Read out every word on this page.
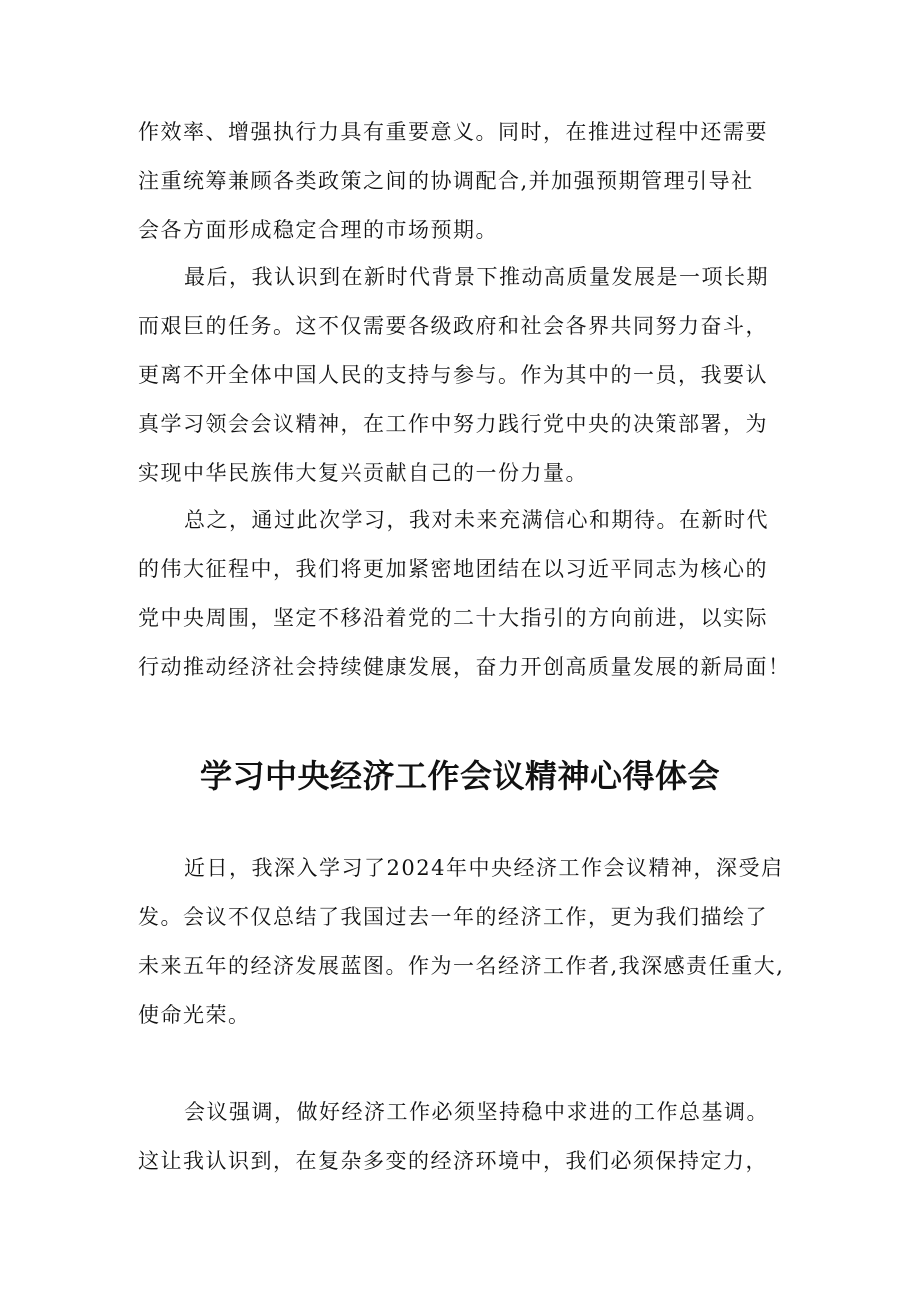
作效率、增强执行力具有重要意义。同时，在推进过程中还需要
注重统筹兼顾各类政策之间的协调配合,并加强预期管理引导社
会各方面形成稳定合理的市场预期。
最后，我认识到在新时代背景下推动高质量发展是一项长期
而艰巨的任务。这不仅需要各级政府和社会各界共同努力奋斗，
更离不开全体中国人民的支持与参与。作为其中的一员，我要认
真学习领会会议精神，在工作中努力践行党中央的决策部署，为
实现中华民族伟大复兴贡献自己的一份力量。
总之，通过此次学习，我对未来充满信心和期待。在新时代
的伟大征程中，我们将更加紧密地团结在以习近平同志为核心的
党中央周围，坚定不移沿着党的二十大指引的方向前进，以实际
行动推动经济社会持续健康发展，奋力开创高质量发展的新局面！
学习中央经济工作会议精神心得体会
近日，我深入学习了2024年中央经济工作会议精神，深受启
发。会议不仅总结了我国过去一年的经济工作，更为我们描绘了
未来五年的经济发展蓝图。作为一名经济工作者,我深感责任重大,
使命光荣。
会议强调，做好经济工作必须坚持稳中求进的工作总基调。
这让我认识到，在复杂多变的经济环境中，我们必须保持定力，
